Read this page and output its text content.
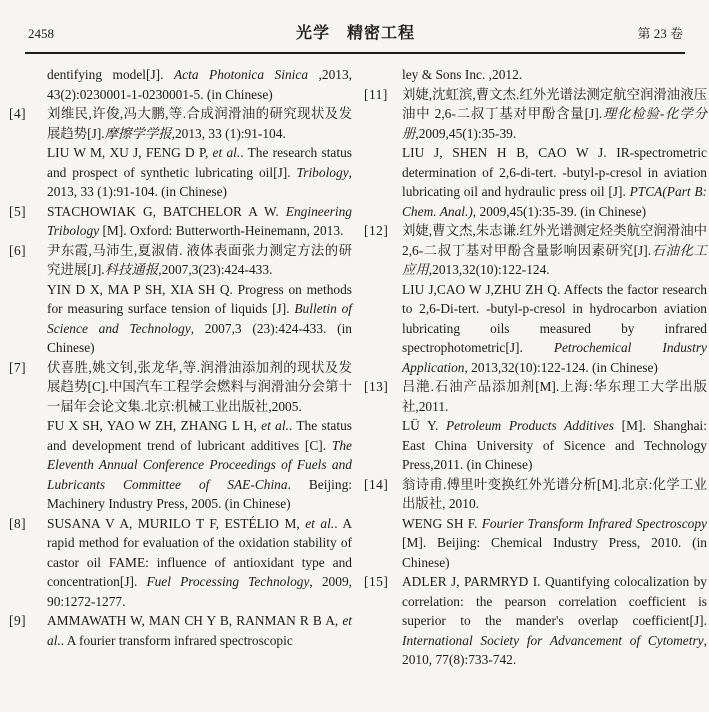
2458	光学　精密工程	第 23 卷
dentifying model[J]. Acta Photonica Sinica ,2013, 43(2):0230001-1-0230001-5. (in Chinese)
[4] 刘维民,许俊,冯大鹏,等.合成润滑油的研究现状及发展趋势[J].摩擦学学报,2013, 33 (1):91-104.
LIU W M, XU J, FENG D P, et al.. The research status and prospect of synthetic lubricating oil[J]. Tribology, 2013, 33 (1):91-104. (in Chinese)
[5] STACHOWIAK G, BATCHELOR A W. Engineering Tribology [M]. Oxford: Butterworth-Heinemann, 2013.
[6] 尹东霞,马沛生,夏淑倩. 液体表面张力测定方法的研究进展[J].科技通报,2007,3(23):424-433.
YIN D X, MA P SH, XIA SH Q. Progress on methods for measuring surface tension of liquids [J]. Bulletin of Science and Technology, 2007,3 (23):424-433. (in Chinese)
[7] 伏喜胜,姚文钊,张龙华,等.润滑油添加剂的现状及发展趋势[C].中国汽车工程学会燃料与润滑油分会第十一届年会论文集.北京:机械工业出版社,2005.
FU X SH, YAO W ZH, ZHANG L H, et al.. The status and development trend of lubricant additives [C]. The Eleventh Annual Conference Proceedings of Fuels and Lubricants Committee of SAE-China. Beijing: Machinery Industry Press, 2005. (in Chinese)
[8] SUSANA V A, MURILO T F, ESTÉLIO M, et al.. A rapid method for evaluation of the oxidation stability of castor oil FAME: influence of antioxidant type and concentration[J]. Fuel Processing Technology, 2009, 90:1272-1277.
[9] AMMAWATH W, MAN CH Y B, RANMAN R B A, et al.. A fourier transform infrared spectroscopic
ley & Sons Inc. ,2012.
[11] 刘婕,沈虹滨,曹文杰.红外光谱法测定航空润滑油液压油中 2,6-二叔丁基对甲酚含量[J].理化检验-化学分册,2009,45(1):35-39.
LIU J, SHEN H B, CAO W J. IR-spectrometric determination of 2,6-di-tert. -butyl-p-cresol in aviation lubricating oil and hydraulic press oil [J]. PTCA(Part B: Chem. Anal.), 2009,45(1):35-39. (in Chinese)
[12] 刘婕,曹文杰,朱志谦.红外光谱测定烃类航空润滑油中 2,6-二叔丁基对甲酚含量影响因素研究[J].石油化工应用,2013,32(10):122-124.
LIU J,CAO W J,ZHU ZH Q. Affects the factor research to 2,6-Di-tert. -butyl-p-cresol in hydrocarbon aviation lubricating oils measured by infrared spectrophotometric[J]. Petrochemical Industry Application, 2013,32(10):122-124. (in Chinese)
[13] 吕滟.石油产品添加剂[M].上海:华东理工大学出版社,2011.
LÜ Y. Petroleum Products Additives [M]. Shanghai: East China University of Sicence and Technology Press,2011. (in Chinese)
[14] 翁诗甫.傅里叶变换红外光谱分析[M].北京:化学工业出版社, 2010.
WENG SH F. Fourier Transform Infrared Spectroscopy [M]. Beijing: Chemical Industry Press, 2010. (in Chinese)
[15] ADLER J, PARMRYD I. Quantifying colocalization by correlation: the pearson correlation coefficient is superior to the mander's overlap coefficient[J]. International Society for Advancement of Cytometry, 2010, 77(8):733-742.
